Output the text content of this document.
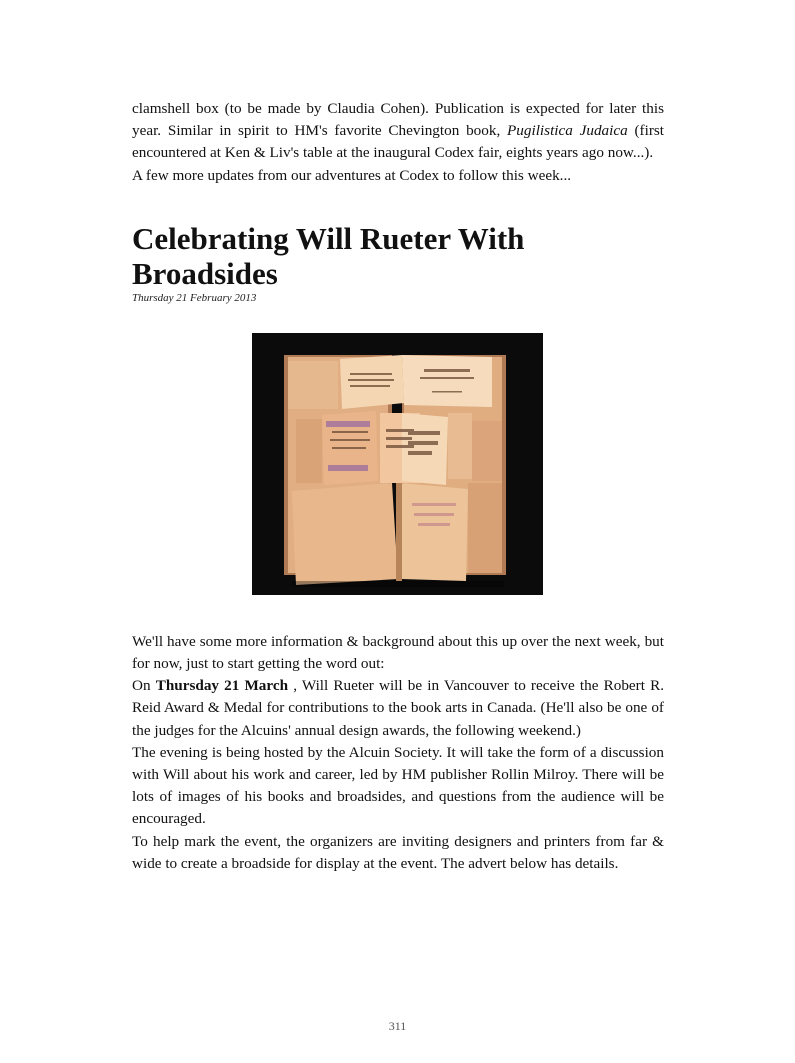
clamshell box (to be made by Claudia Cohen). Publication is expected for later this year. Similar in spirit to HM's favorite Chevington book, Pugilistica Judaica (first encountered at Ken & Liv's table at the inaugural Codex fair, eights years ago now...).

A few more updates from our adventures at Codex to follow this week...

Celebrating Will Rueter With Broadsides

Thursday 21 February 2013

We'll have some more information & background about this up over the next week, but for now, just to start getting the word out:

On Thursday 21 March , Will Rueter will be in Vancouver to receive the Robert R. Reid Award & Medal for contributions to the book arts in Canada. (He'll also be one of the judges for the Alcuins' annual design awards, the following weekend.)

The evening is being hosted by the Alcuin Society. It will take the form of a discussion with Will about his work and career, led by HM publisher Rollin Milroy. There will be lots of images of his books and broadsides, and questions from the audience will be encouraged.

To help mark the event, the organizers are inviting designers and printers from far & wide to create a broadside for display at the event. The advert below has details.

311
